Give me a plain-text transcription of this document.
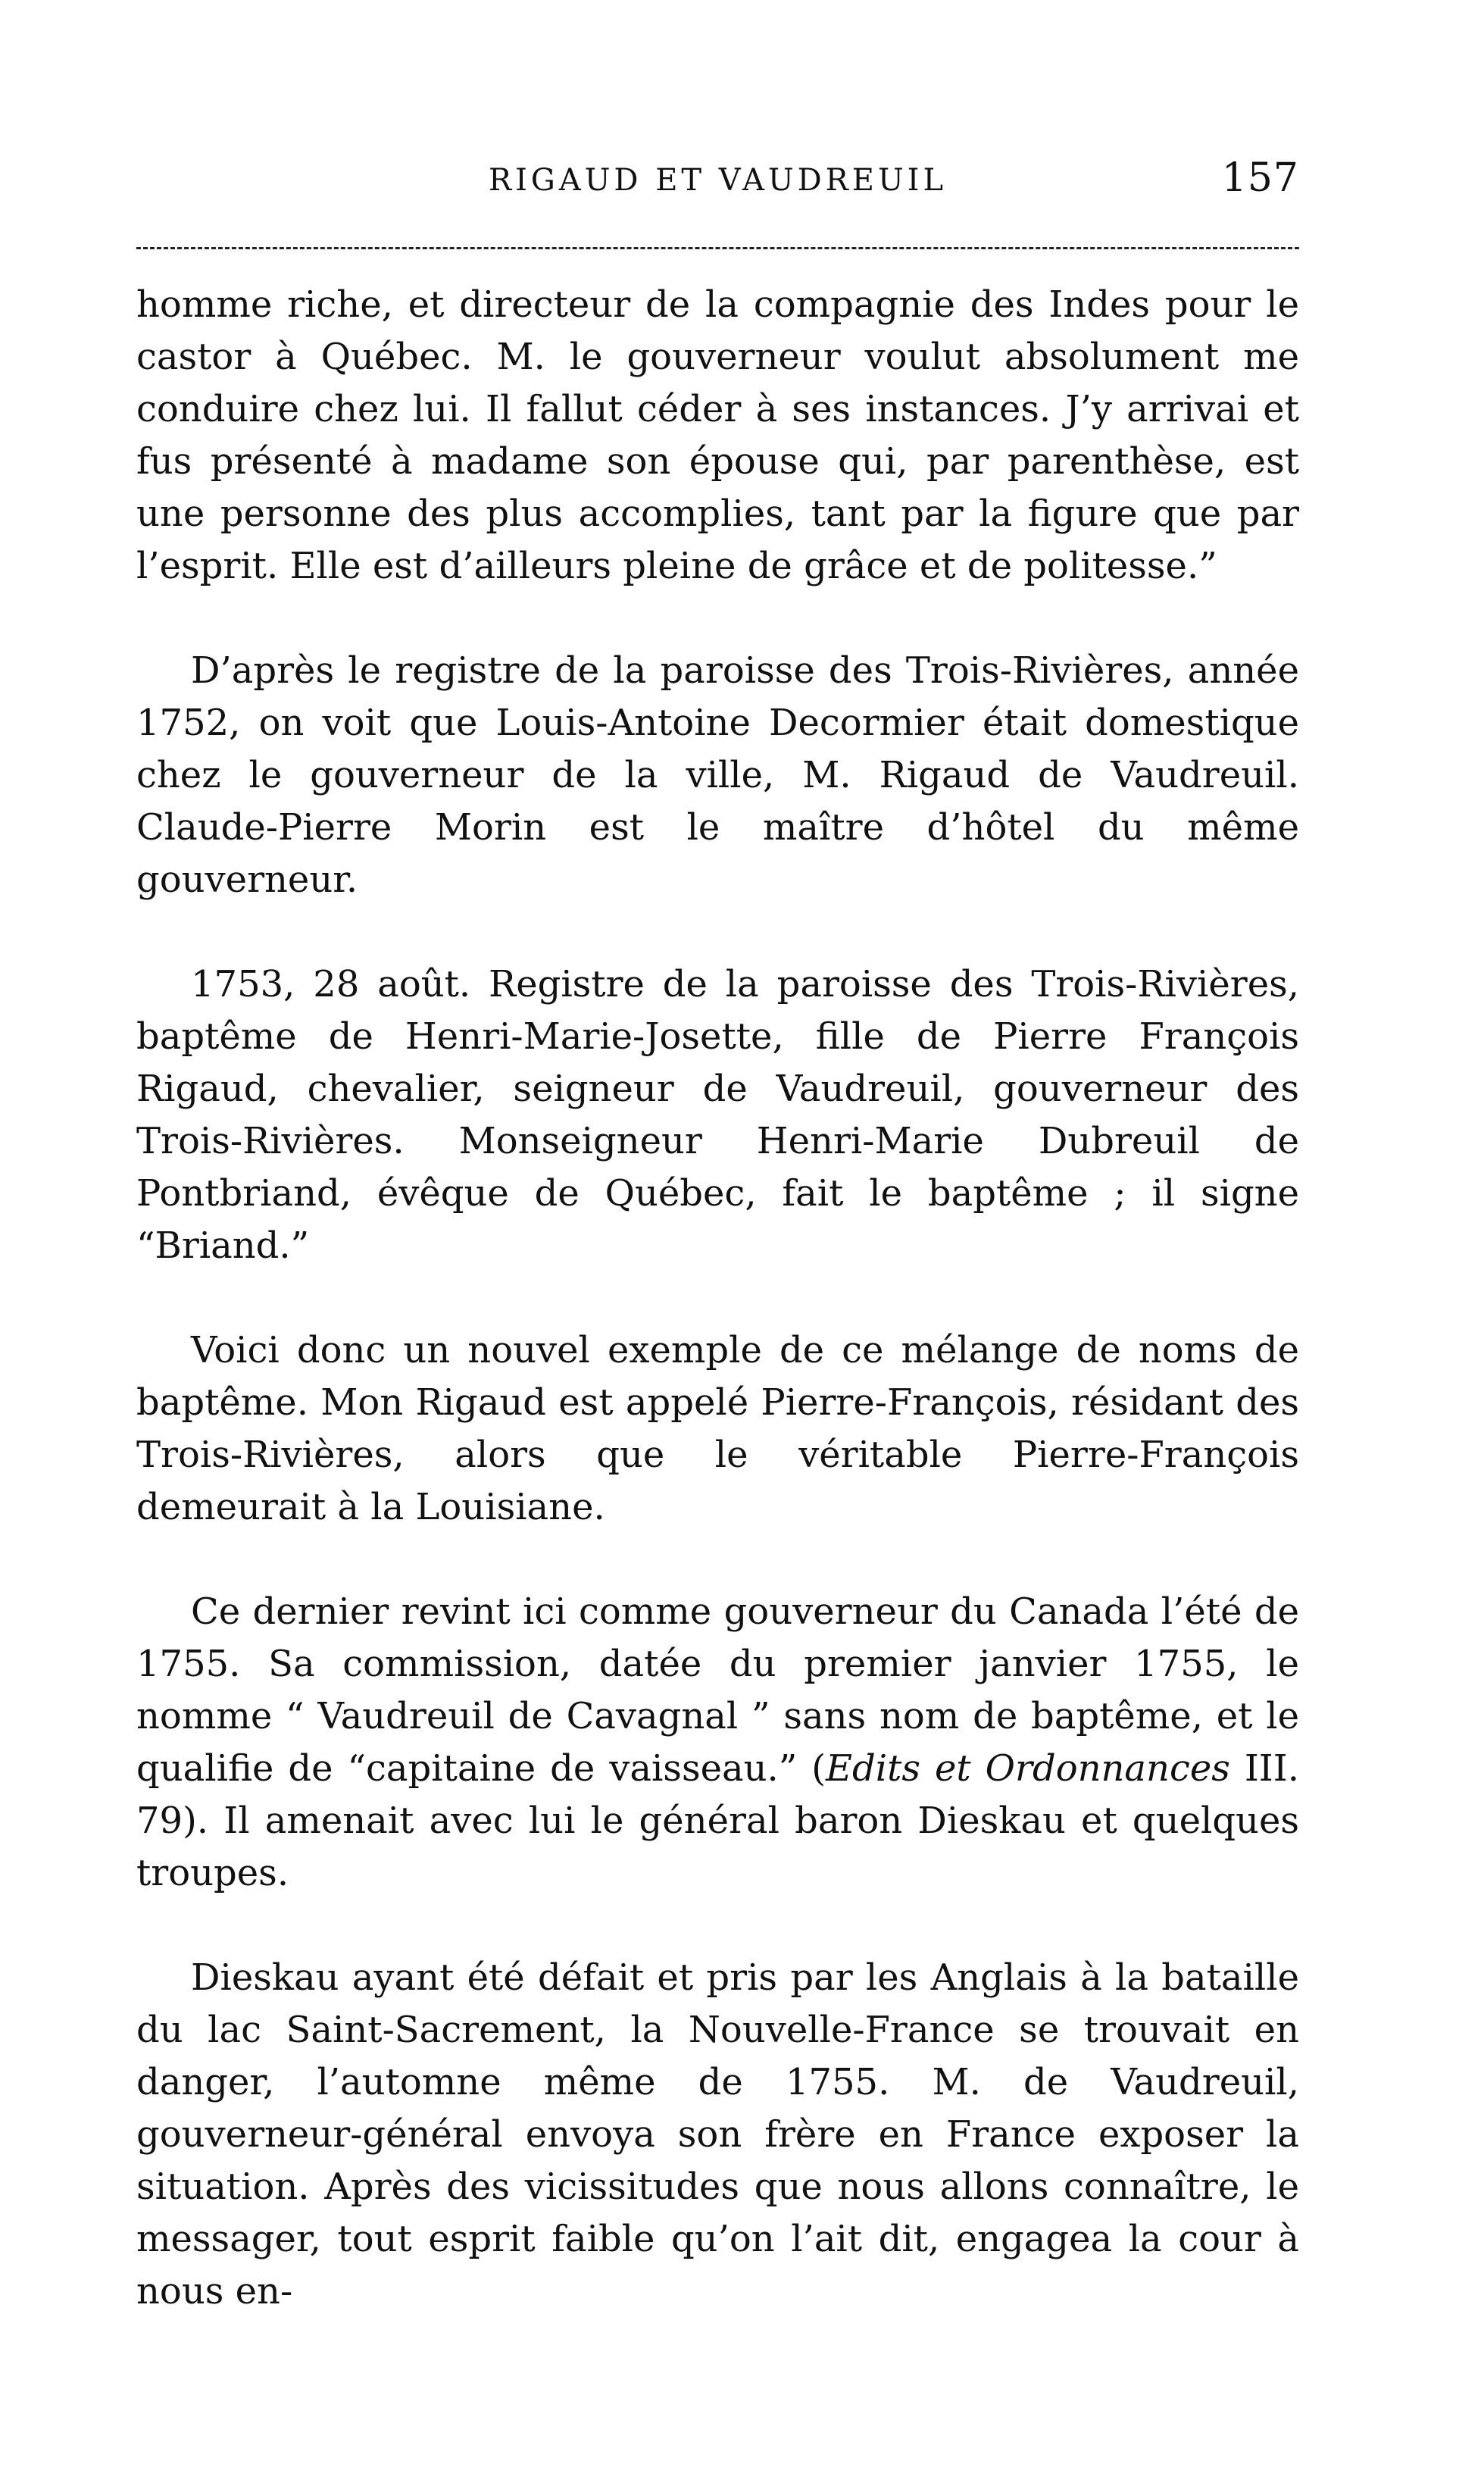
RIGAUD ET VAUDREUIL	157

homme riche, et directeur de la compagnie des Indes pour le castor à Québec. M. le gouverneur voulut absolument me conduire chez lui. Il fallut céder à ses instances. J’y arrivai et fus présenté à madame son épouse qui, par parenthèse, est une personne des plus accomplies, tant par la figure que par l’esprit. Elle est d’ailleurs pleine de grâce et de politesse.”

D’après le registre de la paroisse des Trois-Rivières, année 1752, on voit que Louis-Antoine Decormier était domestique chez le gouverneur de la ville, M. Rigaud de Vaudreuil. Claude-Pierre Morin est le maître d’hôtel du même gouverneur.

1753, 28 août. Registre de la paroisse des Trois-Rivières, baptême de Henri-Marie-Josette, fille de Pierre François Rigaud, chevalier, seigneur de Vaudreuil, gouverneur des Trois-Rivières. Monseigneur Henri-Marie Dubreuil de Pontbriand, évêque de Québec, fait le baptême ; il signe “Briand.”

Voici donc un nouvel exemple de ce mélange de noms de baptême. Mon Rigaud est appelé Pierre-François, résidant des Trois-Rivières, alors que le véritable Pierre-François demeurait à la Louisiane.

Ce dernier revint ici comme gouverneur du Canada l’été de 1755. Sa commission, datée du premier janvier 1755, le nomme “ Vaudreuil de Cavagnal ” sans nom de baptême, et le qualifie de “capitaine de vaisseau.” (Edits et Ordonnances III. 79). Il amenait avec lui le général baron Dieskau et quelques troupes.

Dieskau ayant été défait et pris par les Anglais à la bataille du lac Saint-Sacrement, la Nouvelle-France se trouvait en danger, l’automne même de 1755. M. de Vaudreuil, gouverneur-général envoya son frère en France exposer la situation. Après des vicissitudes que nous allons connaître, le messager, tout esprit faible qu’on l’ait dit, engagea la cour à nous en-
